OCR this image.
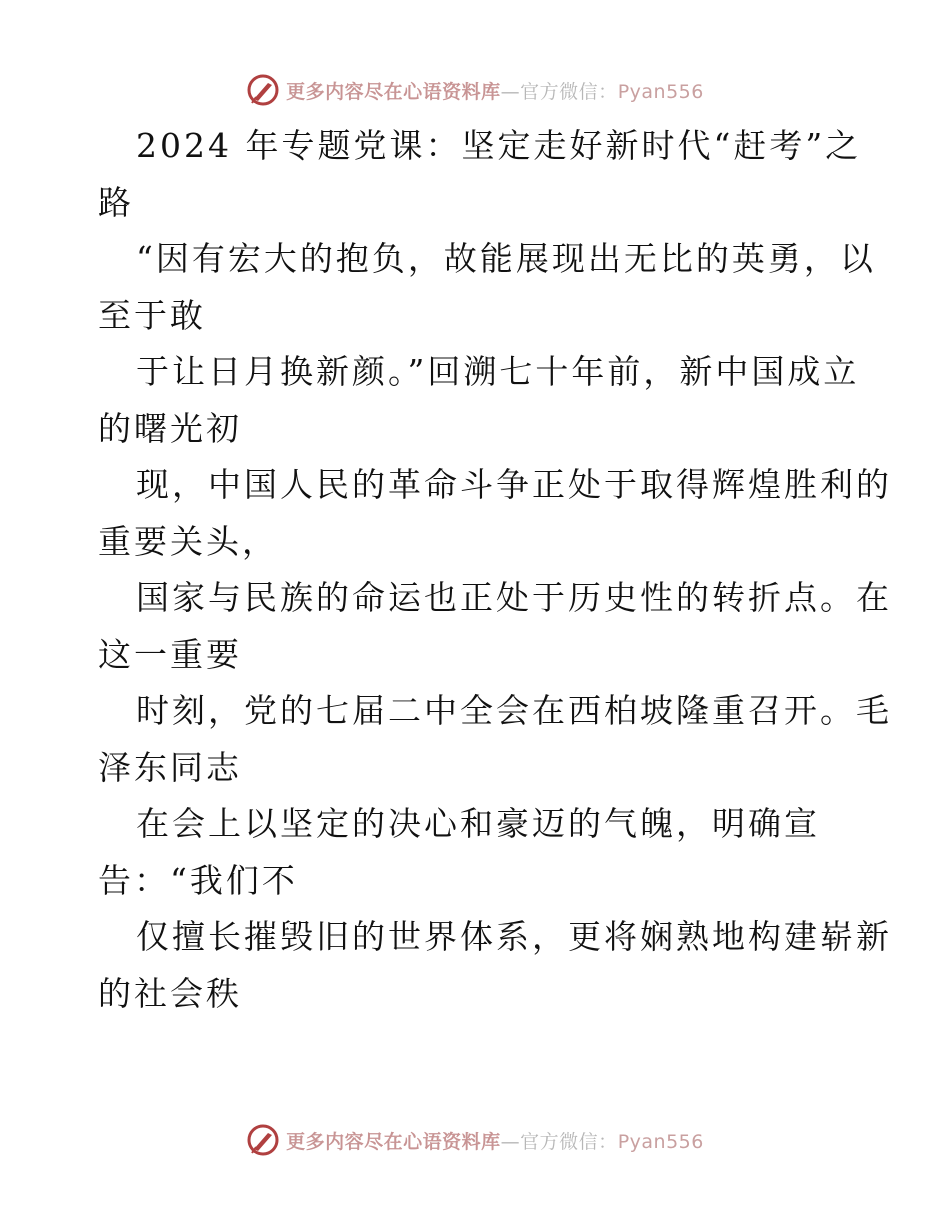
更多内容尽在心语资料库—官方微信：Pyan556
2024 年专题党课：坚定走好新时代“赶考”之
路
“因有宏大的抱负，故能展现出无比的英勇，以
至于敢
于让日月换新颜。”回溯七十年前，新中国成立
的曙光初
现，中国人民的革命斗争正处于取得辉煌胜利的
重要关头，
国家与民族的命运也正处于历史性的转折点。在
这一重要
时刻，党的七届二中全会在西柏坡隆重召开。毛
泽东同志
在会上以坚定的决心和豪迈的气魄，明确宣
告：“我们不
仅擅长摧毁旧的世界体系，更将娴熟地构建崭新
的社会秩
更多内容尽在心语资料库—官方微信：Pyan556
